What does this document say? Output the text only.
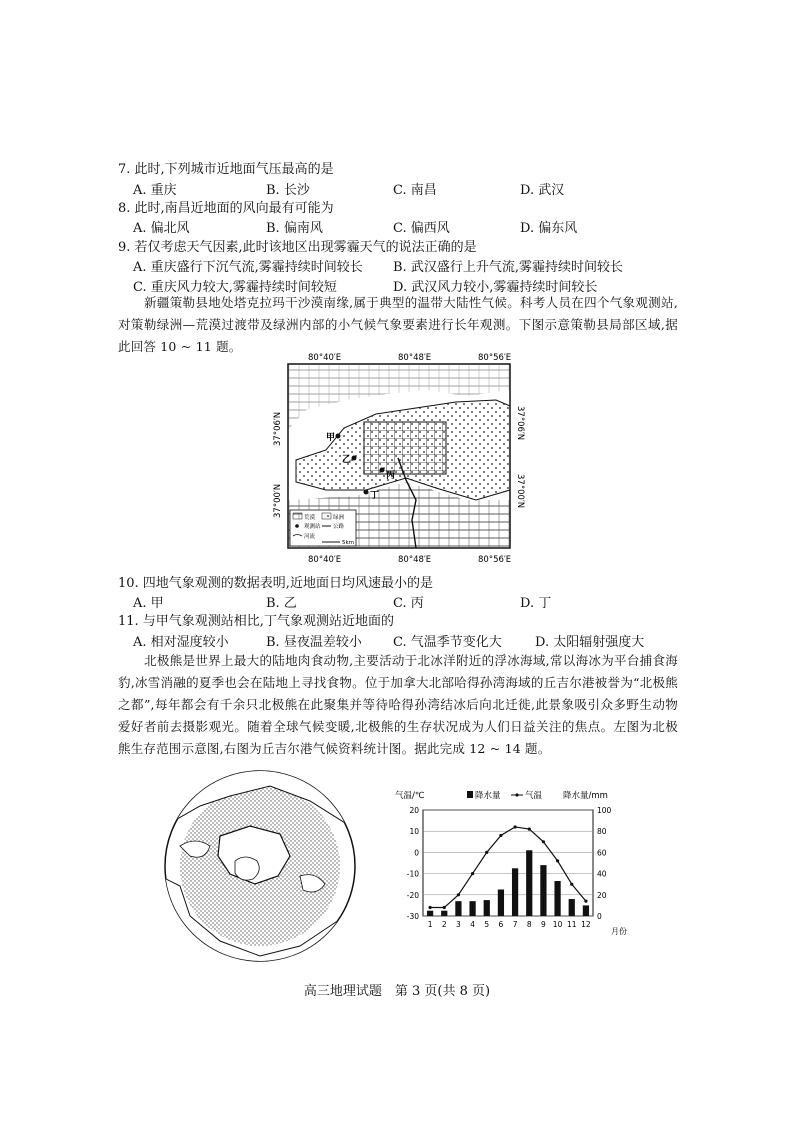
7. 此时,下列城市近地面气压最高的是
A. 重庆	B. 长沙	C. 南昌	D. 武汉
8. 此时,南昌近地面的风向最有可能为
A. 偏北风	B. 偏南风	C. 偏西风	D. 偏东风
9. 若仅考虑天气因素,此时该地区出现雾霾天气的说法正确的是
A. 重庆盛行下沉气流,雾霾持续时间较长 B. 武汉盛行上升气流,雾霾持续时间较长
C. 重庆风力较大,雾霾持续时间较短	D. 武汉风力较小,雾霾持续时间较长
新疆策勒县地处塔克拉玛干沙漠南缘,属于典型的温带大陆性气候。科考人员在四个气象观测站,对策勒绿洲—荒漠过渡带及绿洲内部的小气候气象要素进行长年观测。下图示意策勒县局部区域,据此回答 10 ~ 11 题。
80°40′E	80°48′E	80°56′E
甲
乙
丙
丁
荒漠	绿洲
观测站 公路
河流
5km
80°40′E	80°48′E	80°56′E
37°06′N
37°00′N
37°06′N
37°00′N
10. 四地气象观测的数据表明,近地面日均风速最小的是
A. 甲	B. 乙	C. 丙	D. 丁
11. 与甲气象观测站相比,丁气象观测站近地面的
A. 相对湿度较小	B. 昼夜温差较小 C. 气温季节变化大	D. 太阳辐射强度大
北极熊是世界上最大的陆地肉食动物,主要活动于北冰洋附近的浮冰海域,常以海冰为平台捕食海豹,冰雪消融的夏季也会在陆地上寻找食物。位于加拿大北部哈得孙湾海域的丘吉尔港被誉为“北极熊之都”,每年都会有千余只北极熊在此聚集并等待哈得孙湾结冰后向北迁徙,此景象吸引众多野生动物爱好者前去摄影观光。随着全球气候变暖,北极熊的生存状况成为人们日益关注的焦点。左图为北极熊生存范围示意图,右图为丘吉尔港气候资料统计图。据此完成 12 ~ 14 题。
气温/℃	降水量	气温 降水量/mm
20
10
0
-10
-20
-30
100
80
60
40
20
0
1 2 3 4 5 6 7 8 9 10 11 12
月份
高三地理试题　第 3 页(共 8 页)
